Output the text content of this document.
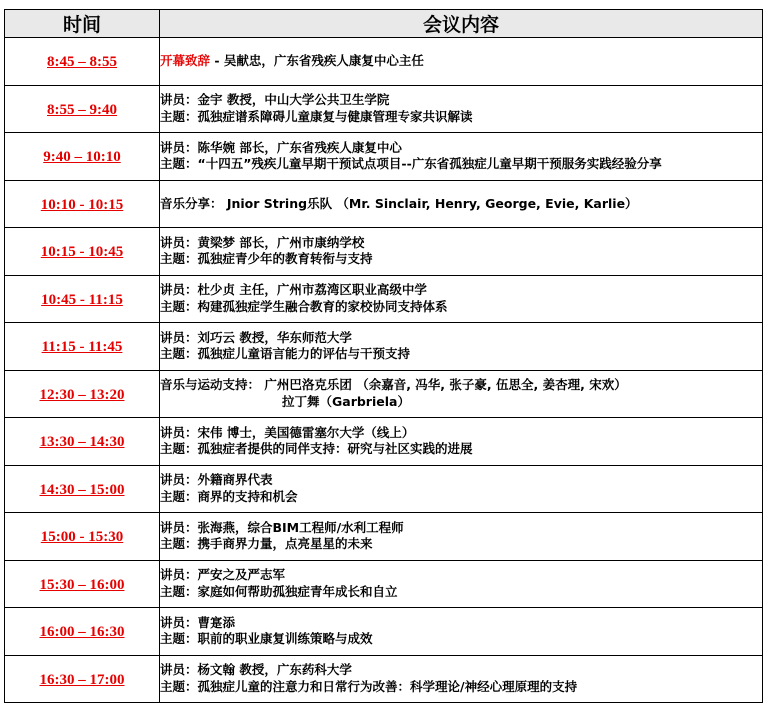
时间	会议内容
8:45 – 8:55	开幕致辞 - 吴献忠，广东省残疾人康复中心主任

8:55 – 9:40	讲员：金宇 教授，中山大学公共卫生学院
主题：孤独症谱系障碍儿童康复与健康管理专家共识解读

9:40 – 10:10	讲员：陈华婉 部长，广东省残疾人康复中心
主题：“十四五”残疾儿童早期干预试点项目--广东省孤独症儿童早期干预服务实践经验分享

10:10 - 10:15	音乐分享： Jnior String乐队 （Mr. Sinclair, Henry, George, Evie, Karlie）

10:15 - 10:45	讲员：黄梁梦 部长，广州市康纳学校
主题：孤独症青少年的教育转衔与支持

10:45 - 11:15	讲员：杜少贞 主任，广州市荔湾区职业高级中学
主题：构建孤独症学生融合教育的家校协同支持体系

11:15 - 11:45	讲员：刘巧云 教授，华东师范大学
主题：孤独症儿童语言能力的评估与干预支持

12:30 – 13:20	音乐与运动支持： 广州巴洛克乐团 （余嘉音, 冯华, 张子豪, 伍思全, 姜杏理, 宋欢）
拉丁舞（Garbriela）

13:30 – 14:30	讲员：宋伟 博士，美国德雷塞尔大学（线上）
主题：孤独症者提供的同伴支持：研究与社区实践的进展

14:30 – 15:00	讲员：外籍商界代表
主题：商界的支持和机会

15:00 - 15:30	讲员：张海燕，综合BIM工程师/水利工程师
主题：携手商界力量，点亮星星的未来

15:30 – 16:00	讲员：严安之及严志军
主题：家庭如何帮助孤独症青年成长和自立

16:00 – 16:30	讲员：曹寔添
主题：职前的职业康复训练策略与成效

16:30 – 17:00	讲员：杨文翰 教授，广东药科大学
主题：孤独症儿童的注意力和日常行为改善：科学理论/神经心理原理的支持
